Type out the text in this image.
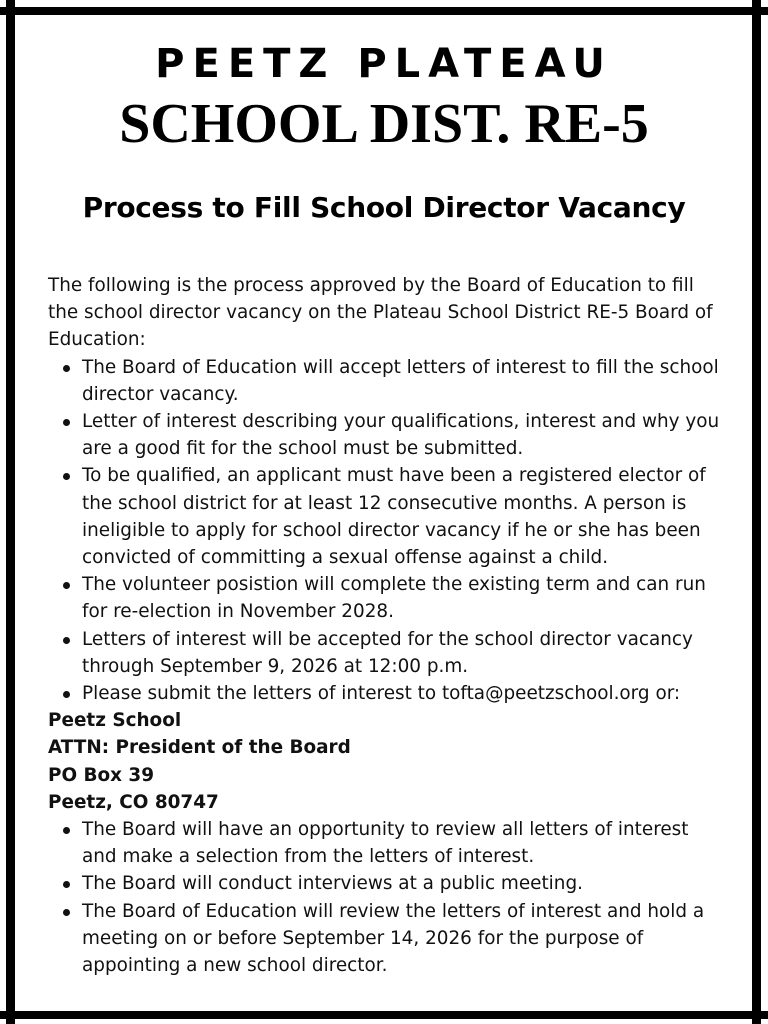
PEETZ PLATEAU
SCHOOL DIST. RE-5
Process to Fill School Director Vacancy

The following is the process approved by the Board of Education to fill the school director vacancy on the Plateau School District RE-5 Board of Education:

The Board of Education will accept letters of interest to fill the school director vacancy.
Letter of interest describing your qualifications, interest and why you are a good fit for the school must be submitted.
To be qualified, an applicant must have been a registered elector of the school district for at least 12 consecutive months. A person is ineligible to apply for school director vacancy if he or she has been convicted of committing a sexual offense against a child.
The volunteer posistion will complete the existing term and can run for re-election in November 2028.
Letters of interest will be accepted for the school director vacancy through September 9, 2026 at 12:00 p.m.
Please submit the letters of interest to tofta@peetzschool.org or:
Peetz School
ATTN: President of the Board
PO Box 39
Peetz, CO 80747
The Board will have an opportunity to review all letters of interest and make a selection from the letters of interest.
The Board will conduct interviews at a public meeting.
The Board of Education will review the letters of interest and hold a meeting on or before September 14, 2026 for the purpose of appointing a new school director.
